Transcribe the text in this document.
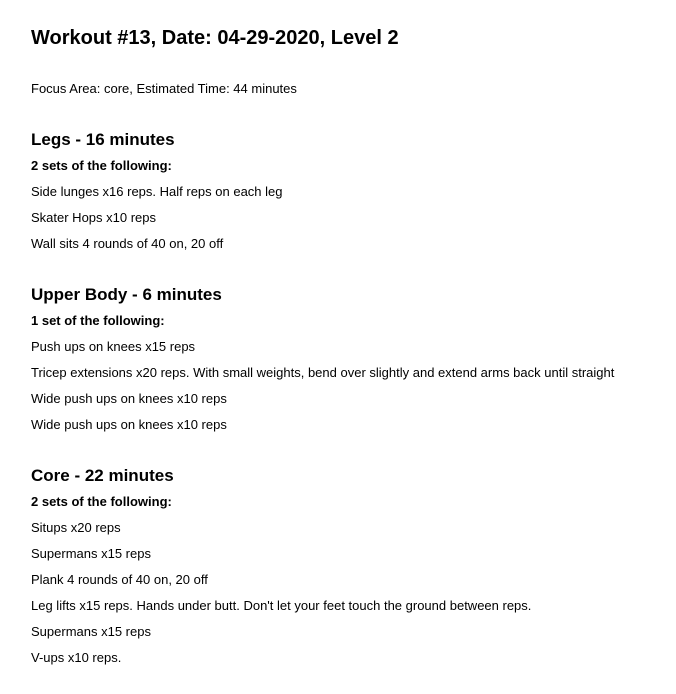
Workout #13, Date: 04-29-2020, Level 2
Focus Area: core, Estimated Time: 44 minutes
Legs - 16 minutes
2 sets of the following:
Side lunges x16 reps. Half reps on each leg
Skater Hops x10 reps
Wall sits 4 rounds of 40 on, 20 off
Upper Body - 6 minutes
1 set of the following:
Push ups on knees x15 reps
Tricep extensions x20 reps. With small weights, bend over slightly and extend arms back until straight
Wide push ups on knees x10 reps
Wide push ups on knees x10 reps
Core - 22 minutes
2 sets of the following:
Situps x20 reps
Supermans x15 reps
Plank 4 rounds of 40 on, 20 off
Leg lifts x15 reps. Hands under butt. Don't let your feet touch the ground between reps.
Supermans x15 reps
V-ups x10 reps.
